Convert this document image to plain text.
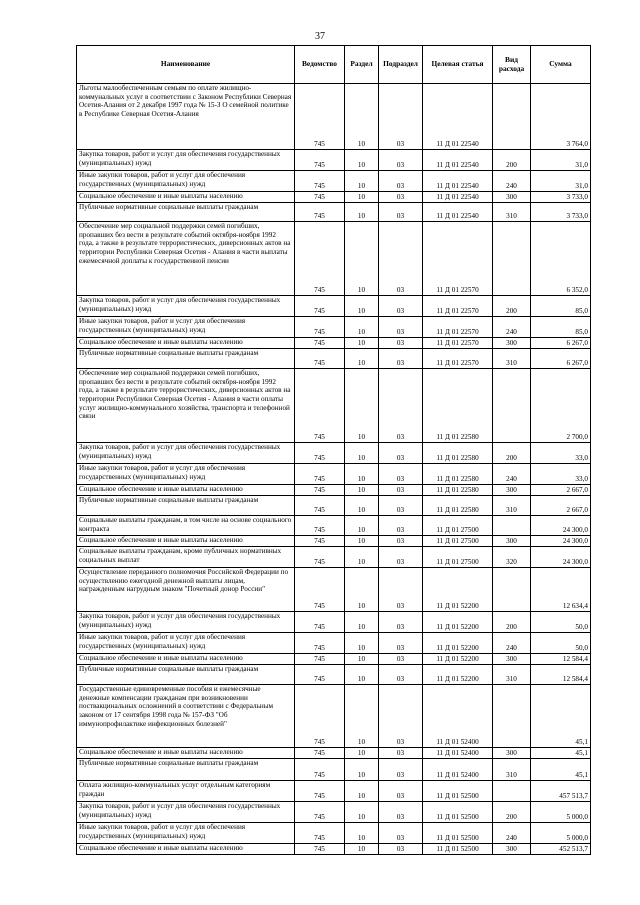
37
Наименование	Ведомство	Раздел	Подраздел	Целевая статья	Вид расхода	Сумма
Льготы малообеспеченным семьям по оплате жилищно-коммунальных услуг в соответствии с Законом Республики Северная Осетия-Алания от 2 декабря 1997 года № 15-З О семейной политике в Республике Северная Осетия-Алания	745	10	03	11 Д 01 22540		3 764,0
Закупка товаров, работ и услуг для обеспечения государственных (муниципальных) нужд	745	10	03	11 Д 01 22540	200	31,0
Иные закупки товаров, работ и услуг для обеспечения государственных (муниципальных) нужд	745	10	03	11 Д 01 22540	240	31,0
Социальное обеспечение и иные выплаты населению	745	10	03	11 Д 01 22540	300	3 733,0
Публичные нормативные социальные выплаты гражданам	745	10	03	11 Д 01 22540	310	3 733,0
Обеспечение мер социальной поддержки семей погибших, пропавших без вести в результате событий октября-ноября 1992 года, а также в результате террористических, диверсионных актов на территории Республики Северная Осетия - Алания в части выплаты ежемесячной доплаты к государственной пенсии	745	10	03	11 Д 01 22570		6 352,0
Закупка товаров, работ и услуг для обеспечения государственных (муниципальных) нужд	745	10	03	11 Д 01 22570	200	85,0
Иные закупки товаров, работ и услуг для обеспечения государственных (муниципальных) нужд	745	10	03	11 Д 01 22570	240	85,0
Социальное обеспечение и иные выплаты населению	745	10	03	11 Д 01 22570	300	6 267,0
Публичные нормативные социальные выплаты гражданам	745	10	03	11 Д 01 22570	310	6 267,0
Обеспечение мер социальной поддержки семей погибших, пропавших без вести в результате событий октября-ноября 1992 года, а также в результате террористических, диверсионных актов на территории Республики Северная Осетия - Алания в части оплаты услуг жилищно-коммунального хозяйства, транспорта и телефонной связи	745	10	03	11 Д 01 22580		2 700,0
Закупка товаров, работ и услуг для обеспечения государственных (муниципальных) нужд	745	10	03	11 Д 01 22580	200	33,0
Иные закупки товаров, работ и услуг для обеспечения государственных (муниципальных) нужд	745	10	03	11 Д 01 22580	240	33,0
Социальное обеспечение и иные выплаты населению	745	10	03	11 Д 01 22580	300	2 667,0
Публичные нормативные социальные выплаты гражданам	745	10	03	11 Д 01 22580	310	2 667,0
Социальные выплаты гражданам, в том числе на основе социального контракта	745	10	03	11 Д 01 27500		24 300,0
Социальное обеспечение и иные выплаты населению	745	10	03	11 Д 01 27500	300	24 300,0
Социальные выплаты гражданам, кроме публичных нормативных социальных выплат	745	10	03	11 Д 01 27500	320	24 300,0
Осуществление переданного полномочия Российской Федерации по осуществлению ежегодной денежной выплаты лицам, награжденным нагрудным знаком "Почетный донор России"	745	10	03	11 Д 01 52200		12 634,4
Закупка товаров, работ и услуг для обеспечения государственных (муниципальных) нужд	745	10	03	11 Д 01 52200	200	50,0
Иные закупки товаров, работ и услуг для обеспечения государственных (муниципальных) нужд	745	10	03	11 Д 01 52200	240	50,0
Социальное обеспечение и иные выплаты населению	745	10	03	11 Д 01 52200	300	12 584,4
Публичные нормативные социальные выплаты гражданам	745	10	03	11 Д 01 52200	310	12 584,4
Государственные единовременные пособия и ежемесячные денежные компенсации гражданам при возникновении поствакцинальных осложнений в соответствии с Федеральным законом от 17 сентября 1998 года № 157-ФЗ "Об иммунопрофилактике инфекционных болезней"	745	10	03	11 Д 01 52400		45,1
Социальное обеспечение и иные выплаты населению	745	10	03	11 Д 01 52400	300	45,1
Публичные нормативные социальные выплаты гражданам	745	10	03	11 Д 01 52400	310	45,1
Оплата жилищно-коммунальных услуг отдельным категориям граждан	745	10	03	11 Д 01 52500		457 513,7
Закупка товаров, работ и услуг для обеспечения государственных (муниципальных) нужд	745	10	03	11 Д 01 52500	200	5 000,0
Иные закупки товаров, работ и услуг для обеспечения государственных (муниципальных) нужд	745	10	03	11 Д 01 52500	240	5 000,0
Социальное обеспечение и иные выплаты населению	745	10	03	11 Д 01 52500	300	452 513,7
